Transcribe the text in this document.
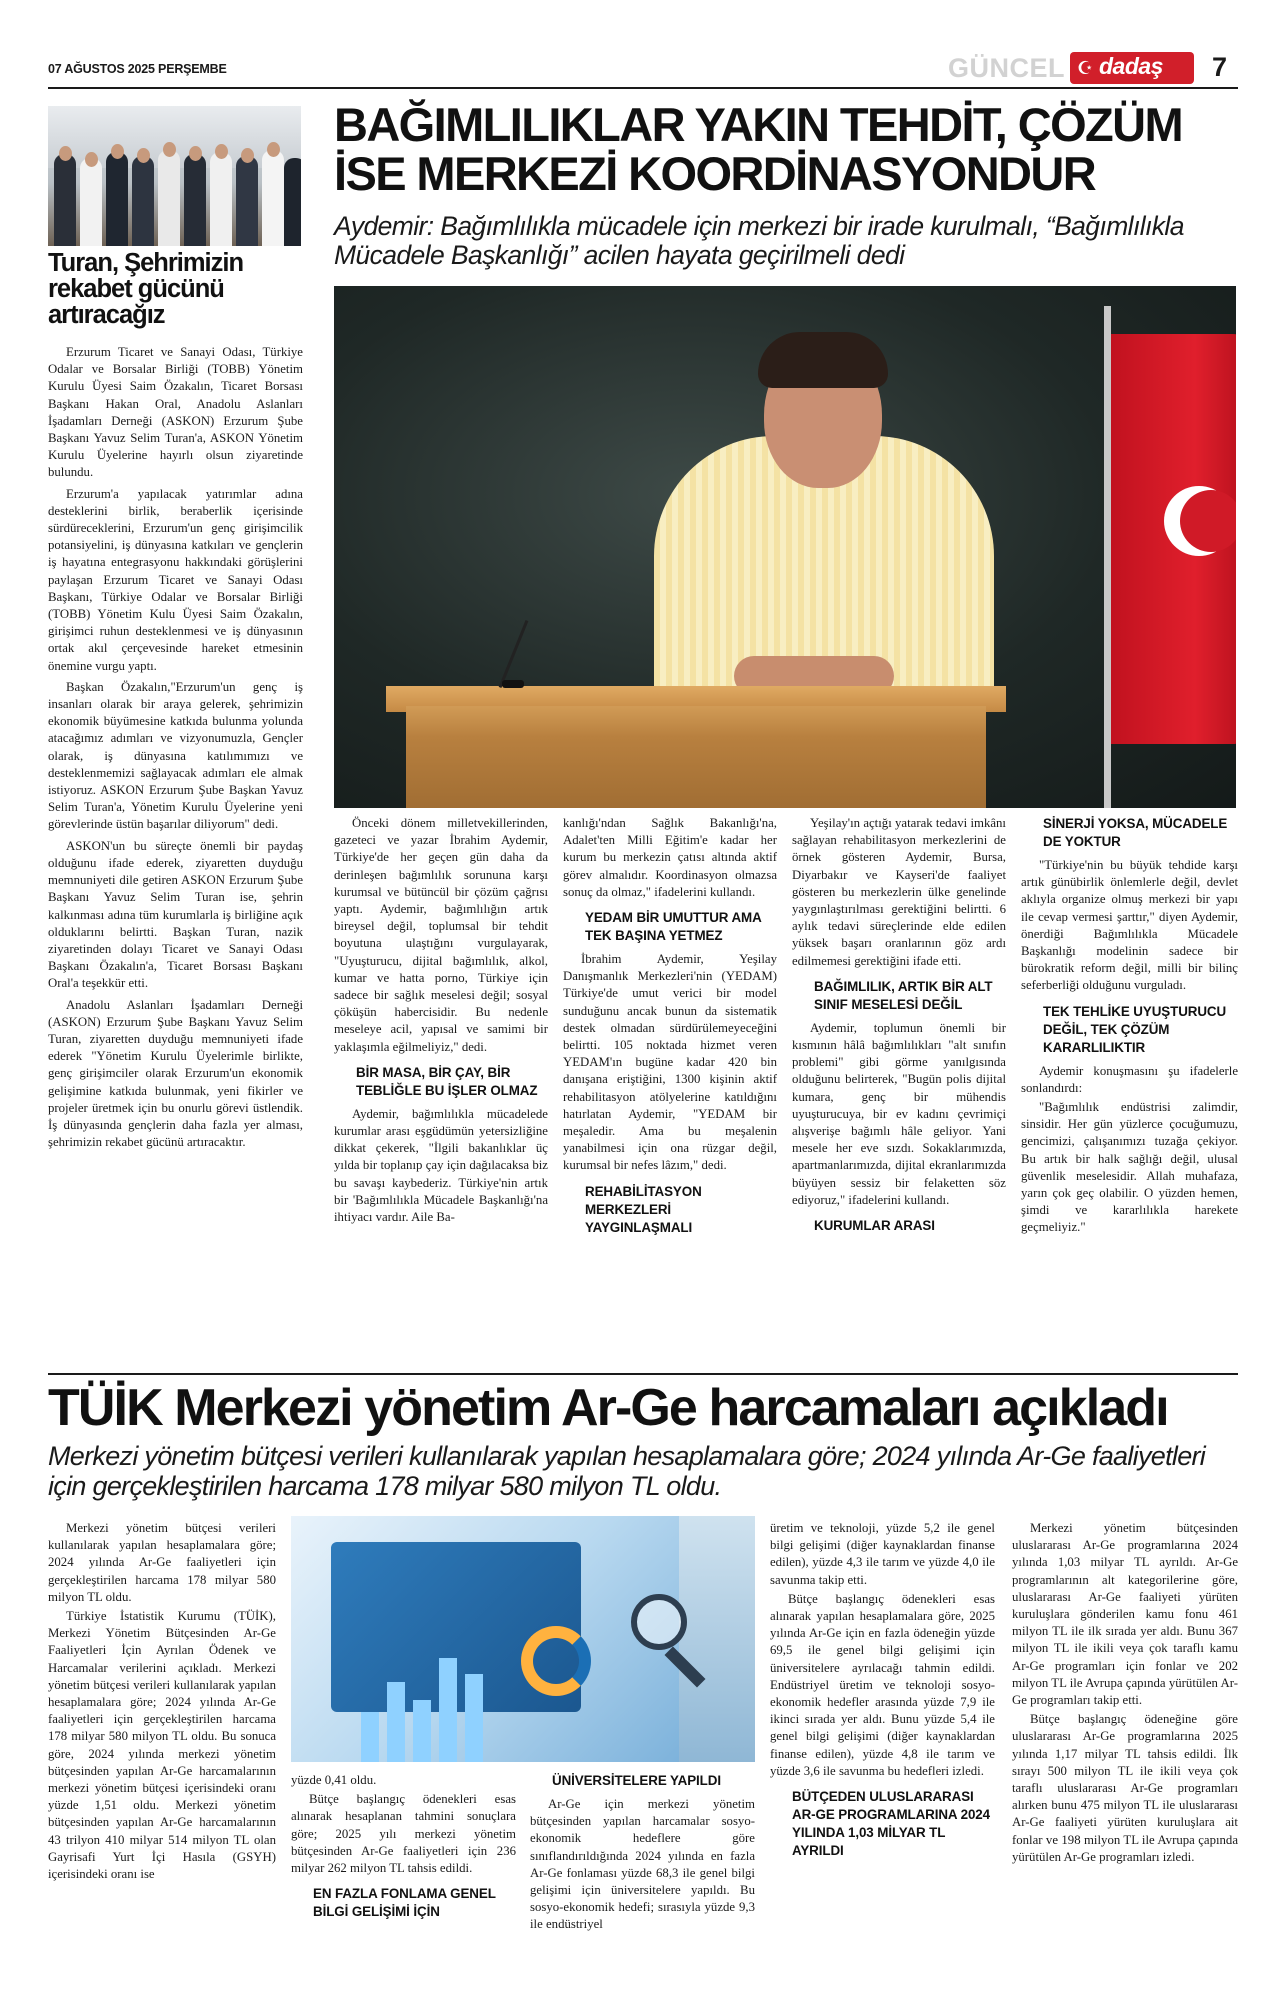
07 AĞUSTOS 2025 PERŞEMBE	GÜNCEL ☪ dadaş 7
Turan, Şehrimizin rekabet gücünü artıracağız

Erzurum Ticaret ve Sanayi Odası, Türkiye Odalar ve Borsalar Birliği (TOBB) Yönetim Kurulu Üyesi Saim Özakalın, Ticaret Borsası Başkanı Hakan Oral, Anadolu Aslanları İşadamları Derneği (ASKON) Erzurum Şube Başkanı Yavuz Selim Turan'a, ASKON Yönetim Kurulu Üyelerine hayırlı olsun ziyaretinde bulundu.

Erzurum'a yapılacak yatırımlar adına desteklerini birlik, beraberlik içerisinde sürdüreceklerini, Erzurum'un genç girişimcilik potansiyelini, iş dünyasına katkıları ve gençlerin iş hayatına entegrasyonu hakkındaki görüşlerini paylaşan Erzurum Ticaret ve Sanayi Odası Başkanı, Türkiye Odalar ve Borsalar Birliği (TOBB) Yönetim Kulu Üyesi Saim Özakalın, girişimci ruhun desteklenmesi ve iş dünyasının ortak akıl çerçevesinde hareket etmesinin önemine vurgu yaptı.

Başkan Özakalın,"Erzurum'un genç iş insanları olarak bir araya gelerek, şehrimizin ekonomik büyümesine katkıda bulunma yolunda atacağımız adımları ve vizyonumuzla, Gençler olarak, iş dünyasına katılımımızı ve desteklenmemizi sağlayacak adımları ele almak istiyoruz. ASKON Erzurum Şube Başkan Yavuz Selim Turan'a, Yönetim Kurulu Üyelerine yeni görevlerinde üstün başarılar diliyorum" dedi.

ASKON'un bu süreçte önemli bir paydaş olduğunu ifade ederek, ziyaretten duyduğu memnuniyeti dile getiren ASKON Erzurum Şube Başkanı Yavuz Selim Turan ise, şehrin kalkınması adına tüm kurumlarla iş birliğine açık olduklarını belirtti. Başkan Turan, nazik ziyaretinden dolayı Ticaret ve Sanayi Odası Başkanı Özakalın'a, Ticaret Borsası Başkanı Oral'a teşekkür etti.

Anadolu Aslanları İşadamları Derneği (ASKON) Erzurum Şube Başkanı Yavuz Selim Turan, ziyaretten duyduğu memnuniyeti ifade ederek "Yönetim Kurulu Üyelerimle birlikte, genç girişimciler olarak Erzurum'un ekonomik gelişimine katkıda bulunmak, yeni fikirler ve projeler üretmek için bu onurlu görevi üstlendik. İş dünyasında gençlerin daha fazla yer alması, şehrimizin rekabet gücünü artıracaktır.

BAĞIMLILIKLAR YAKIN TEHDİT, ÇÖZÜM İSE MERKEZİ KOORDİNASYONDUR
Aydemir: Bağımlılıkla mücadele için merkezi bir irade kurulmalı, “Bağımlılıkla Mücadele Başkanlığı” acilen hayata geçirilmeli dedi

Önceki dönem milletvekillerinden, gazeteci ve yazar İbrahim Aydemir, Türkiye'de her geçen gün daha da derinleşen bağımlılık sorununa karşı kurumsal ve bütüncül bir çözüm çağrısı yaptı. Aydemir, bağımlılığın artık bireysel değil, toplumsal bir tehdit boyutuna ulaştığını vurgulayarak, "Uyuşturucu, dijital bağımlılık, alkol, kumar ve hatta porno, Türkiye için sadece bir sağlık meselesi değil; sosyal çöküşün habercisidir. Bu nedenle meseleye acil, yapısal ve samimi bir yaklaşımla eğilmeliyiz," dedi.

BİR MASA, BİR ÇAY, BİR TEBLİĞLE BU İŞLER OLMAZ

Aydemir, bağımlılıkla mücadelede kurumlar arası eşgüdümün yetersizliğine dikkat çekerek, "İlgili bakanlıklar üç yılda bir toplanıp çay için dağılacaksa biz bu savaşı kaybederiz. Türkiye'nin artık bir 'Bağımlılıkla Mücadele Başkanlığı'na ihtiyacı vardır. Aile Ba-

kanlığı'ndan Sağlık Bakanlığı'na, Adalet'ten Milli Eğitim'e kadar her kurum bu merkezin çatısı altında aktif görev almalıdır. Koordinasyon olmazsa sonuç da olmaz," ifadelerini kullandı.

YEDAM BİR UMUTTUR AMA TEK BAŞINA YETMEZ

İbrahim Aydemir, Yeşilay Danışmanlık Merkezleri'nin (YEDAM) Türkiye'de umut verici bir model sunduğunu ancak bunun da sistematik destek olmadan sürdürülemeyeceğini belirtti. 105 noktada hizmet veren YEDAM'ın bugüne kadar 420 bin danışana eriştiğini, 1300 kişinin aktif rehabilitasyon atölyelerine katıldığını hatırlatan Aydemir, "YEDAM bir meşaledir. Ama bu meşalenin yanabilmesi için ona rüzgar değil, kurumsal bir nefes lâzım," dedi.

REHABİLİTASYON MERKEZLERİ YAYGINLAŞMALI

Yeşilay'ın açtığı yatarak tedavi imkânı sağlayan rehabilitasyon merkezlerini de örnek gösteren Aydemir, Bursa, Diyarbakır ve Kayseri'de faaliyet gösteren bu merkezlerin ülke genelinde yaygınlaştırılması gerektiğini belirtti. 6 aylık tedavi süreçlerinde elde edilen yüksek başarı oranlarının göz ardı edilmemesi gerektiğini ifade etti.

BAĞIMLILIK, ARTIK BİR ALT SINIF MESELESİ DEĞİL

Aydemir, toplumun önemli bir kısmının hâlâ bağımlılıkları "alt sınıfın problemi" gibi görme yanılgısında olduğunu belirterek, "Bugün polis dijital kumara, genç bir mühendis uyuşturucuya, bir ev kadını çevrimiçi alışverişe bağımlı hâle geliyor. Yani mesele her eve sızdı. Sokaklarımızda, apartmanlarımızda, dijital ekranlarımızda büyüyen sessiz bir felaketten söz ediyoruz," ifadelerini kullandı.

KURUMLAR ARASI
SİNERJİ YOKSA, MÜCADELE DE YOKTUR

"Türkiye'nin bu büyük tehdide karşı artık günübirlik önlemlerle değil, devlet aklıyla organize olmuş merkezi bir yapı ile cevap vermesi şarttır," diyen Aydemir, önerdiği Bağımlılıkla Mücadele Başkanlığı modelinin sadece bir bürokratik reform değil, milli bir bilinç seferberliği olduğunu vurguladı.

TEK TEHLİKE UYUŞTURUCU DEĞİL, TEK ÇÖZÜM KARARLILIKTIR

Aydemir konuşmasını şu ifadelerle sonlandırdı:

"Bağımlılık endüstrisi zalimdir, sinsidir. Her gün yüzlerce çocuğumuzu, gencimizi, çalışanımızı tuzağa çekiyor. Bu artık bir halk sağlığı değil, ulusal güvenlik meselesidir. Allah muhafaza, yarın çok geç olabilir. O yüzden hemen, şimdi ve kararlılıkla harekete geçmeliyiz."

TÜİK Merkezi yönetim Ar-Ge harcamaları açıkladı
Merkezi yönetim bütçesi verileri kullanılarak yapılan hesaplamalara göre; 2024 yılında Ar-Ge faaliyetleri için gerçekleştirilen harcama 178 milyar 580 milyon TL oldu.

Merkezi yönetim bütçesi verileri kullanılarak yapılan hesaplamalara göre; 2024 yılında Ar-Ge faaliyetleri için gerçekleştirilen harcama 178 milyar 580 milyon TL oldu.

Türkiye İstatistik Kurumu (TÜİK), Merkezi Yönetim Bütçesinden Ar-Ge Faaliyetleri İçin Ayrılan Ödenek ve Harcamalar verilerini açıkladı. Merkezi yönetim bütçesi verileri kullanılarak yapılan hesaplamalara göre; 2024 yılında Ar-Ge faaliyetleri için gerçekleştirilen harcama 178 milyar 580 milyon TL oldu. Bu sonuca göre, 2024 yılında merkezi yönetim bütçesinden yapılan Ar-Ge harcamalarının merkezi yönetim bütçesi içerisindeki oranı yüzde 1,51 oldu. Merkezi yönetim bütçesinden yapılan Ar-Ge harcamalarının 43 trilyon 410 milyar 514 milyon TL olan Gayrisafi Yurt İçi Hasıla (GSYH) içerisindeki oranı ise

yüzde 0,41 oldu.

Bütçe başlangıç ödenekleri esas alınarak hesaplanan tahmini sonuçlara göre; 2025 yılı merkezi yönetim bütçesinden Ar-Ge faaliyetleri için 236 milyar 262 milyon TL tahsis edildi.

EN FAZLA FONLAMA GENEL BİLGİ GELİŞİMİ İÇİN
ÜNİVERSİTELERE YAPILDI

Ar-Ge için merkezi yönetim bütçesinden yapılan harcamalar sosyo-ekonomik hedeflere göre sınıflandırıldığında 2024 yılında en fazla Ar-Ge fonlaması yüzde 68,3 ile genel bilgi gelişimi için üniversitelere yapıldı. Bu sosyo-ekonomik hedefi; sırasıyla yüzde 9,3 ile endüstriyel

üretim ve teknoloji, yüzde 5,2 ile genel bilgi gelişimi (diğer kaynaklardan finanse edilen), yüzde 4,3 ile tarım ve yüzde 4,0 ile savunma takip etti.

Bütçe başlangıç ödenekleri esas alınarak yapılan hesaplamalara göre, 2025 yılında Ar-Ge için en fazla ödeneğin yüzde 69,5 ile genel bilgi gelişimi için üniversitelere ayrılacağı tahmin edildi. Endüstriyel üretim ve teknoloji sosyo-ekonomik hedefler arasında yüzde 7,9 ile ikinci sırada yer aldı. Bunu yüzde 5,4 ile genel bilgi gelişimi (diğer kaynaklardan finanse edilen), yüzde 4,8 ile tarım ve yüzde 3,6 ile savunma bu hedefleri izledi.

BÜTÇEDEN ULUSLARARASI AR-GE PROGRAMLARINA 2024 YILINDA 1,03 MİLYAR TL AYRILDI

Merkezi yönetim bütçesinden uluslararası Ar-Ge programlarına 2024 yılında 1,03 milyar TL ayrıldı. Ar-Ge programlarının alt kategorilerine göre, uluslararası Ar-Ge faaliyeti yürüten kuruluşlara gönderilen kamu fonu 461 milyon TL ile ilk sırada yer aldı. Bunu 367 milyon TL ile ikili veya çok taraflı kamu Ar-Ge programları için fonlar ve 202 milyon TL ile Avrupa çapında yürütülen Ar-Ge programları takip etti.

Bütçe başlangıç ödeneğine göre uluslararası Ar-Ge programlarına 2025 yılında 1,17 milyar TL tahsis edildi. İlk sırayı 500 milyon TL ile ikili veya çok taraflı uluslararası Ar-Ge programları alırken bunu 475 milyon TL ile uluslararası Ar-Ge faaliyeti yürüten kuruluşlara ait fonlar ve 198 milyon TL ile Avrupa çapında yürütülen Ar-Ge programları izledi.
